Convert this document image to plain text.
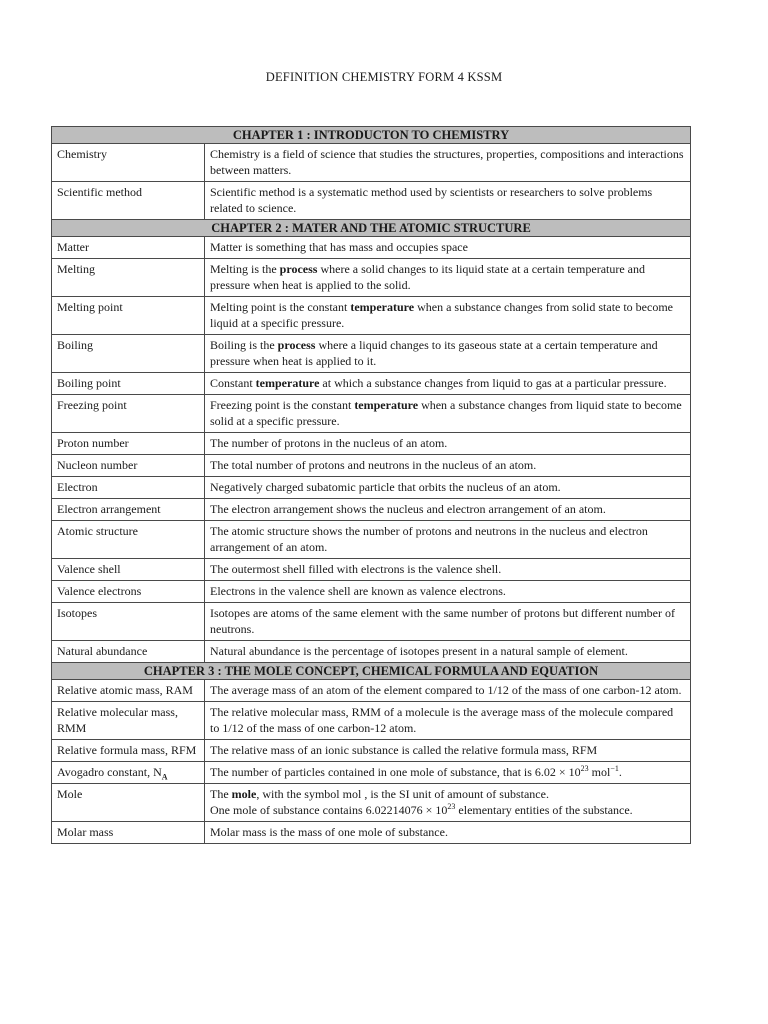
DEFINITION CHEMISTRY FORM 4 KSSM
CHAPTER 1 : INTRODUCTON TO CHEMISTRY	
Chemistry	Chemistry is a field of science that studies the structures, properties, compositions and interactions between matters.
Scientific method	Scientific method is a systematic method used by scientists or researchers to solve problems related to science.
CHAPTER 2 : MATER AND THE ATOMIC STRUCTURE	
Matter	Matter is something that has mass and occupies space
Melting	Melting is the process where a solid changes to its liquid state at a certain temperature and pressure when heat is applied to the solid.
Melting point	Melting point is the constant temperature when a substance changes from solid state to become liquid at a specific pressure.
Boiling	Boiling is the process where a liquid changes to its gaseous state at a certain temperature and pressure when heat is applied to it.
Boiling point	Constant temperature at which a substance changes from liquid to gas at a particular pressure.
Freezing point	Freezing point is the constant temperature when a substance changes from liquid state to become solid at a specific pressure.
Proton number	The number of protons in the nucleus of an atom.
Nucleon number	The total number of protons and neutrons in the nucleus of an atom.
Electron	Negatively charged subatomic particle that orbits the nucleus of an atom.
Electron arrangement	The electron arrangement shows the nucleus and electron arrangement of an atom.
Atomic structure	The atomic structure shows the number of protons and neutrons in the nucleus and electron arrangement of an atom.
Valence shell	The outermost shell filled with electrons is the valence shell.
Valence electrons	Electrons in the valence shell are known as valence electrons.
Isotopes	Isotopes are atoms of the same element with the same number of protons but different number of neutrons.
Natural abundance	Natural abundance is the percentage of isotopes present in a natural sample of element.
CHAPTER 3 : THE MOLE CONCEPT, CHEMICAL FORMULA AND EQUATION	
Relative atomic mass, RAM	The average mass of an atom of the element compared to 1/12 of the mass of one carbon-12 atom.
Relative molecular mass, RMM	The relative molecular mass, RMM of a molecule is the average mass of the molecule compared to 1/12 of the mass of one carbon-12 atom.
Relative formula mass, RFM	The relative mass of an ionic substance is called the relative formula mass, RFM
Avogadro constant, $N_A$	The number of particles contained in one mole of substance, that is $6.02 \times 10^{23}$ mol$^{-1}$.
Mole	The mole, with the symbol mol , is the SI unit of amount of substance.
One mole of substance contains $6.02214076 \times 10^{23}$ elementary entities of the substance.
Molar mass	Molar mass is the mass of one mole of substance.
